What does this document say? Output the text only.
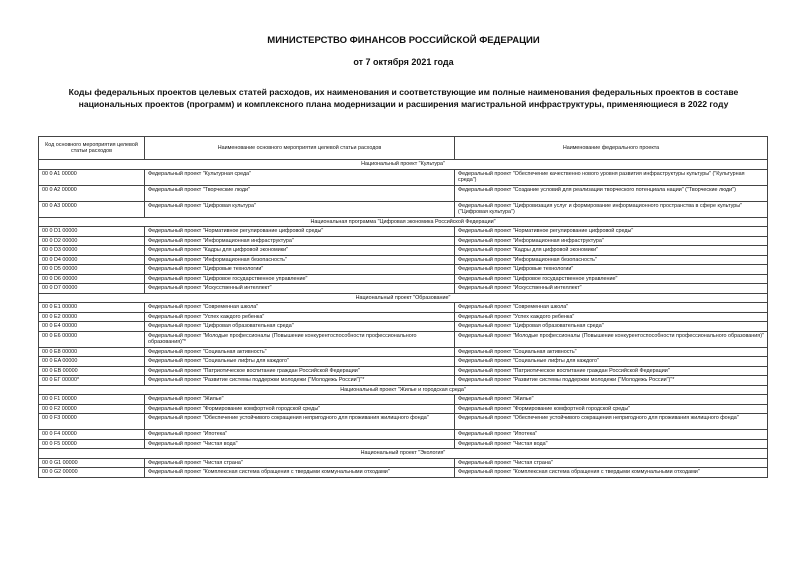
МИНИСТЕРСТВО ФИНАНСОВ РОССИЙСКОЙ ФЕДЕРАЦИИ
от 7 октября 2021 года
Коды федеральных проектов целевых статей расходов, их наименования и соответствующие им полные наименования федеральных проектов в составе национальных проектов (программ) и комплексного плана модернизации и расширения магистральной инфраструктуры, применяющиеся в 2022 году
Код основного мероприятия целевой статьи расходов	Наименование основного мероприятия целевой статьи расходов	Наименование федерального проекта
Национальный проект "Культура"		
00 0 A1 00000	Федеральный проект "Культурная среда"	Федеральный проект "Обеспечение качественно нового уровня развития инфраструктуры культуры" ("Культурная среда")
00 0 A2 00000	Федеральный проект "Творческие люди"	Федеральный проект "Создание условий для реализации творческого потенциала нации" ("Творческие люди")
00 0 A3 00000	Федеральный проект "Цифровая культура"	Федеральный проект "Цифровизация услуг и формирование информационного пространства в сфере культуры" ("Цифровая культура")
Национальная программа "Цифровая экономика Российской Федерации"		
00 0 D1 00000	Федеральный проект "Нормативное регулирование цифровой среды"	Федеральный проект "Нормативное регулирование цифровой среды"
00 0 D2 00000	Федеральный проект "Информационная инфраструктура"	Федеральный проект "Информационная инфраструктура"
00 0 D3 00000	Федеральный проект "Кадры для цифровой экономики"	Федеральный проект "Кадры для цифровой экономики"
00 0 D4 00000	Федеральный проект "Информационная безопасность"	Федеральный проект "Информационная безопасность"
00 0 D5 00000	Федеральный проект "Цифровые технологии"	Федеральный проект "Цифровые технологии"
00 0 D6 00000	Федеральный проект "Цифровое государственное управление"	Федеральный проект "Цифровое государственное управление"
00 0 D7 00000	Федеральный проект "Искусственный интеллект"	Федеральный проект "Искусственный интеллект"
Национальный проект "Образование"		
00 0 E1 00000	Федеральный проект "Современная школа"	Федеральный проект "Современная школа"
00 0 E2 00000	Федеральный проект "Успех каждого ребенка"	Федеральный проект "Успех каждого ребенка"
00 0 E4 00000	Федеральный проект "Цифровая образовательная среда"	Федеральный проект "Цифровая образовательная среда"
00 0 E6 00000	Федеральный проект "Молодые профессионалы (Повышение конкурентоспособности профессионального образования)"*	Федеральный проект "Молодые профессионалы (Повышение конкурентоспособности профессионального образования)"
00 0 E8 00000	Федеральный проект "Социальная активность"	Федеральный проект "Социальная активность"
00 0 EA 00000	Федеральный проект "Социальные лифты для каждого"	Федеральный проект "Социальные лифты для каждого"
00 0 EB 00000	Федеральный проект "Патриотическое воспитание граждан Российской Федерации"	Федеральный проект "Патриотическое воспитание граждан Российской Федерации"
00 0 EГ 00000*	Федеральный проект "Развитие системы поддержки молодежи ("Молодежь России")"*	Федеральный проект "Развитие системы поддержки молодежи ("Молодежь России")"*
Национальный проект "Жилье и городская среда"		
00 0 F1 00000	Федеральный проект "Жилье"	Федеральный проект "Жилье"
00 0 F2 00000	Федеральный проект "Формирование комфортной городской среды"	Федеральный проект "Формирование комфортной городской среды"
00 0 F3 00000	Федеральный проект "Обеспечение устойчивого сокращения непригодного для проживания жилищного фонда"	Федеральный проект "Обеспечение устойчивого сокращения непригодного для проживания жилищного фонда"
00 0 F4 00000	Федеральный проект "Ипотека"	Федеральный проект "Ипотека"
00 0 F5 00000	Федеральный проект "Чистая вода"	Федеральный проект "Чистая вода"
Национальный проект "Экология"		
00 0 G1 00000	Федеральный проект "Чистая страна"	Федеральный проект "Чистая страна"
00 0 G2 00000	Федеральный проект "Комплексная система обращения с твердыми коммунальными отходами"	Федеральный проект "Комплексная система обращения с твердыми коммунальными отходами"
